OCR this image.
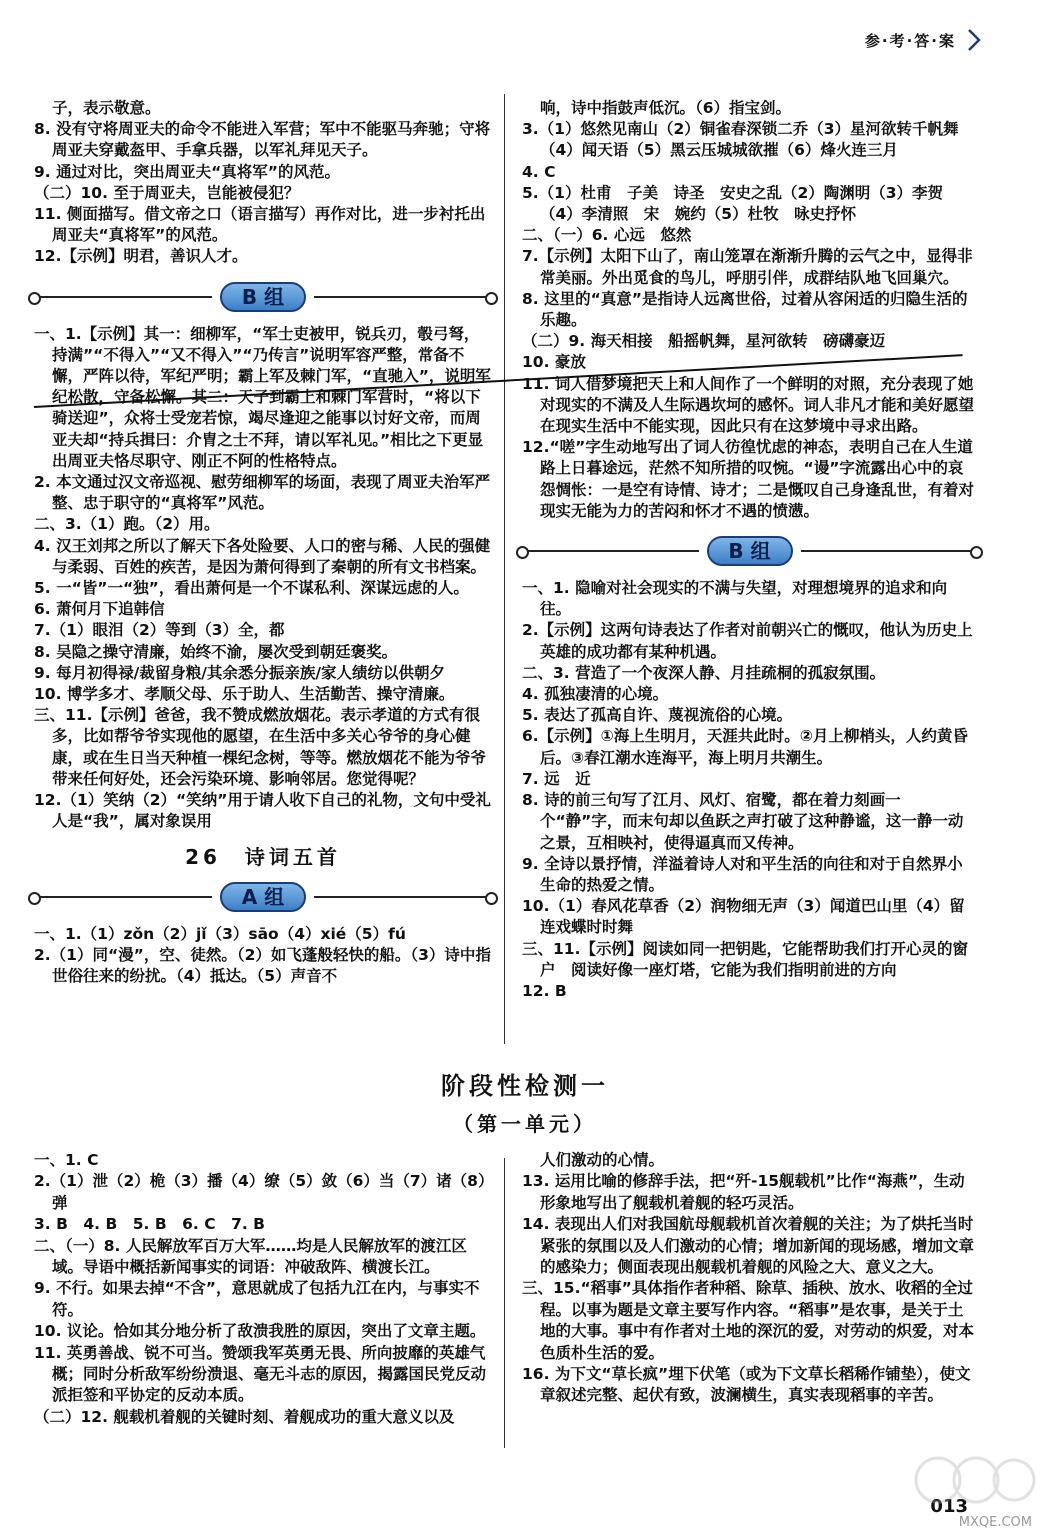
参·考·答·案

子，表示敬意。

8. 没有守将周亚夫的命令不能进入军营；军中不能驱马奔驰；守将周亚夫穿戴盔甲、手拿兵器，以军礼拜见天子。

9. 通过对比，突出周亚夫“真将军”的风范。

（二）10. 至于周亚夫，岂能被侵犯？

11. 侧面描写。借文帝之口（语言描写）再作对比，进一步衬托出周亚夫“真将军”的风范。

12.【示例】明君，善识人才。

B 组

一、1.【示例】其一：细柳军，“军士吏被甲，锐兵刃，彀弓弩，持满”“不得入”“又不得入”“乃传言”说明军容严整，常备不懈，严阵以待，军纪严明；霸上军及棘门军，“直驰入”，说明军纪松散，守备松懈。其二：天子到霸上和棘门军营时，“将以下骑送迎”，众将士受宠若惊，竭尽逢迎之能事以讨好文帝，而周亚夫却“持兵揖曰：介胄之士不拜，请以军礼见。”相比之下更显出周亚夫恪尽职守、刚正不阿的性格特点。

2. 本文通过汉文帝巡视、慰劳细柳军的场面，表现了周亚夫治军严整、忠于职守的“真将军”风范。

二、3.（1）跑。（2）用。

4. 汉王刘邦之所以了解天下各处险要、人口的密与稀、人民的强健与柔弱、百姓的疾苦，是因为萧何得到了秦朝的所有文书档案。

5. 一“皆”一“独”，看出萧何是一个不谋私利、深谋远虑的人。

6. 萧何月下追韩信

7.（1）眼泪（2）等到（3）全，都

8. 吴隐之操守清廉，始终不渝，屡次受到朝廷褒奖。

9. 每月初得禄/裁留身粮/其余悉分振亲族/家人绩纺以供朝夕

10. 博学多才、孝顺父母、乐于助人、生活勤苦、操守清廉。

三、11.【示例】爸爸，我不赞成燃放烟花。表示孝道的方式有很多，比如帮爷爷实现他的愿望，在生活中多关心爷爷的身心健康，或在生日当天种植一棵纪念树，等等。燃放烟花不能为爷爷带来任何好处，还会污染环境、影响邻居。您觉得呢？

12.（1）笑纳（2）“笑纳”用于请人收下自己的礼物，文句中受礼人是“我”，属对象误用

26　诗词五首
A 组

一、1.（1）zǒn（2）jǐ（3）sāo（4）xié（5）fú

2.（1）同“漫”，空、徒然。（2）如飞蓬般轻快的船。（3）诗中指世俗往来的纷扰。（4）抵达。（5）声音不

响，诗中指鼓声低沉。（6）指宝剑。

3.（1）悠然见南山（2）铜雀春深锁二乔（3）星河欲转千帆舞（4）闻天语（5）黑云压城城欲摧（6）烽火连三月

4. C

5.（1）杜甫　子美　诗圣　安史之乱（2）陶渊明（3）李贺（4）李清照　宋　婉约（5）杜牧　咏史抒怀

二、（一）6. 心远　悠然

7.【示例】太阳下山了，南山笼罩在渐渐升腾的云气之中，显得非常美丽。外出觅食的鸟儿，呼朋引伴，成群结队地飞回巢穴。

8. 这里的“真意”是指诗人远离世俗，过着从容闲适的归隐生活的乐趣。

（二）9. 海天相接　船摇帆舞，星河欲转　磅礴豪迈

10. 豪放

11. 词人借梦境把天上和人间作了一个鲜明的对照，充分表现了她对现实的不满及人生际遇坎坷的感怀。词人非凡才能和美好愿望在现实生活中不能实现，因此只有在这梦境中寻求出路。

12.“嗟”字生动地写出了词人彷徨忧虑的神态，表明自己在人生道路上日暮途远，茫然不知所措的叹惋。“谩”字流露出心中的哀怨惆怅：一是空有诗情、诗才；二是慨叹自己身逢乱世，有着对现实无能为力的苦闷和怀才不遇的愤懑。

B 组

一、1. 隐喻对社会现实的不满与失望，对理想境界的追求和向往。

2.【示例】这两句诗表达了作者对前朝兴亡的慨叹，他认为历史上英雄的成功都有某种机遇。

二、3. 营造了一个夜深人静、月挂疏桐的孤寂氛围。

4. 孤独凄清的心境。

5. 表达了孤高自许、蔑视流俗的心境。

6.【示例】①海上生明月，天涯共此时。②月上柳梢头，人约黄昏后。③春江潮水连海平，海上明月共潮生。

7. 远　近

8. 诗的前三句写了江月、风灯、宿鹭，都在着力刻画一个“静”字，而末句却以鱼跃之声打破了这种静谧，这一静一动之景，互相映衬，使得逼真而又传神。

9. 全诗以景抒情，洋溢着诗人对和平生活的向往和对于自然界小生命的热爱之情。

10.（1）春风花草香（2）润物细无声（3）闻道巴山里（4）留连戏蝶时时舞

三、11.【示例】阅读如同一把钥匙，它能帮助我们打开心灵的窗户　阅读好像一座灯塔，它能为我们指明前进的方向

12. B

阶段性检测一
（第一单元）

一、1. C

2.（1）泄（2）桅（3）播（4）缭（5）敛（6）当（7）诸（8）弹

3. B　4. B　5. B　6. C　7. B

二、（一）8. 人民解放军百万大军……均是人民解放军的渡江区域。导语中概括新闻事实的词语：冲破敌阵、横渡长江。

9. 不行。如果去掉“不含”，意思就成了包括九江在内，与事实不符。

10. 议论。恰如其分地分析了敌溃我胜的原因，突出了文章主题。

11. 英勇善战、锐不可当。赞颂我军英勇无畏、所向披靡的英雄气概；同时分析敌军纷纷溃退、毫无斗志的原因，揭露国民党反动派拒签和平协定的反动本质。

（二）12. 舰载机着舰的关键时刻、着舰成功的重大意义以及

人们激动的心情。

13. 运用比喻的修辞手法，把“歼-15舰载机”比作“海燕”，生动形象地写出了舰载机着舰的轻巧灵活。

14. 表现出人们对我国航母舰载机首次着舰的关注；为了烘托当时紧张的氛围以及人们激动的心情；增加新闻的现场感，增加文章的感染力；侧面表现出舰载机着舰的风险之大、意义之大。

三、15.“稻事”具体指作者种稻、除草、插秧、放水、收稻的全过程。以事为题是文章主要写作内容。“稻事”是农事，是关于土地的大事。事中有作者对土地的深沉的爱，对劳动的炽爱，对本色质朴生活的爱。

16. 为下文“草长疯”埋下伏笔（或为下文草长稻稀作铺垫），使文章叙述完整、起伏有致，波澜横生，真实表现稻事的辛苦。

013
MXQE.COM
